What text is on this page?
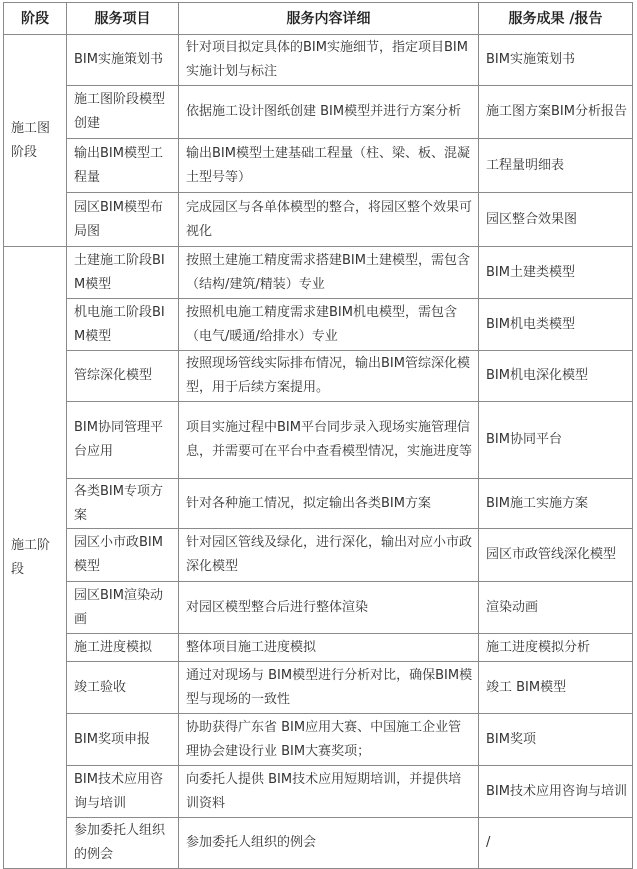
阶段	服务项目	服务内容详细	服务成果 /报告
施工图阶段	BIM实施策划书	针对项目拟定具体的BIM实施细节，指定项目BIM实施计划与标注	BIM实施策划书
	施工图阶段模型创建	依据施工设计图纸创建 BIM模型并进行方案分析	施工图方案BIM分析报告
	输出BIM模型工程量	输出BIM模型土建基础工程量（柱、梁、板、混凝土型号等）	工程量明细表
	园区BIM模型布局图	完成园区与各单体模型的整合，将园区整个效果可视化	园区整合效果图
施工阶段	土建施工阶段BIM模型	按照土建施工精度需求搭建BIM土建模型，需包含（结构/建筑/精装）专业	BIM土建类模型
	机电施工阶段BIM模型	按照机电施工精度需求建BIM机电模型，需包含（电气/暖通/给排水）专业	BIM机电类模型
	管综深化模型	按照现场管线实际排布情况，输出BIM管综深化模型，用于后续方案提用。	BIM机电深化模型
	BIM协同管理平台应用	项目实施过程中BIM平台同步录入现场实施管理信息，并需要可在平台中查看模型情况，实施进度等	BIM协同平台
	各类BIM专项方案	针对各种施工情况，拟定输出各类BIM方案	BIM施工实施方案
	园区小市政BIM模型	针对园区管线及绿化，进行深化，输出对应小市政深化模型	园区市政管线深化模型
	园区BIM渲染动画	对园区模型整合后进行整体渲染	渲染动画
	施工进度模拟	整体项目施工进度模拟	施工进度模拟分析
	竣工验收	通过对现场与 BIM模型进行分析对比，确保BIM模型与现场的一致性	竣工 BIM模型
	BIM奖项申报	协助获得广东省 BIM应用大赛、中国施工企业管理协会建设行业 BIM大赛奖项；	BIM奖项
	BIM技术应用咨询与培训	向委托人提供 BIM技术应用短期培训，并提供培训资料	BIM技术应用咨询与培训
	参加委托人组织的例会	参加委托人组织的例会	/
